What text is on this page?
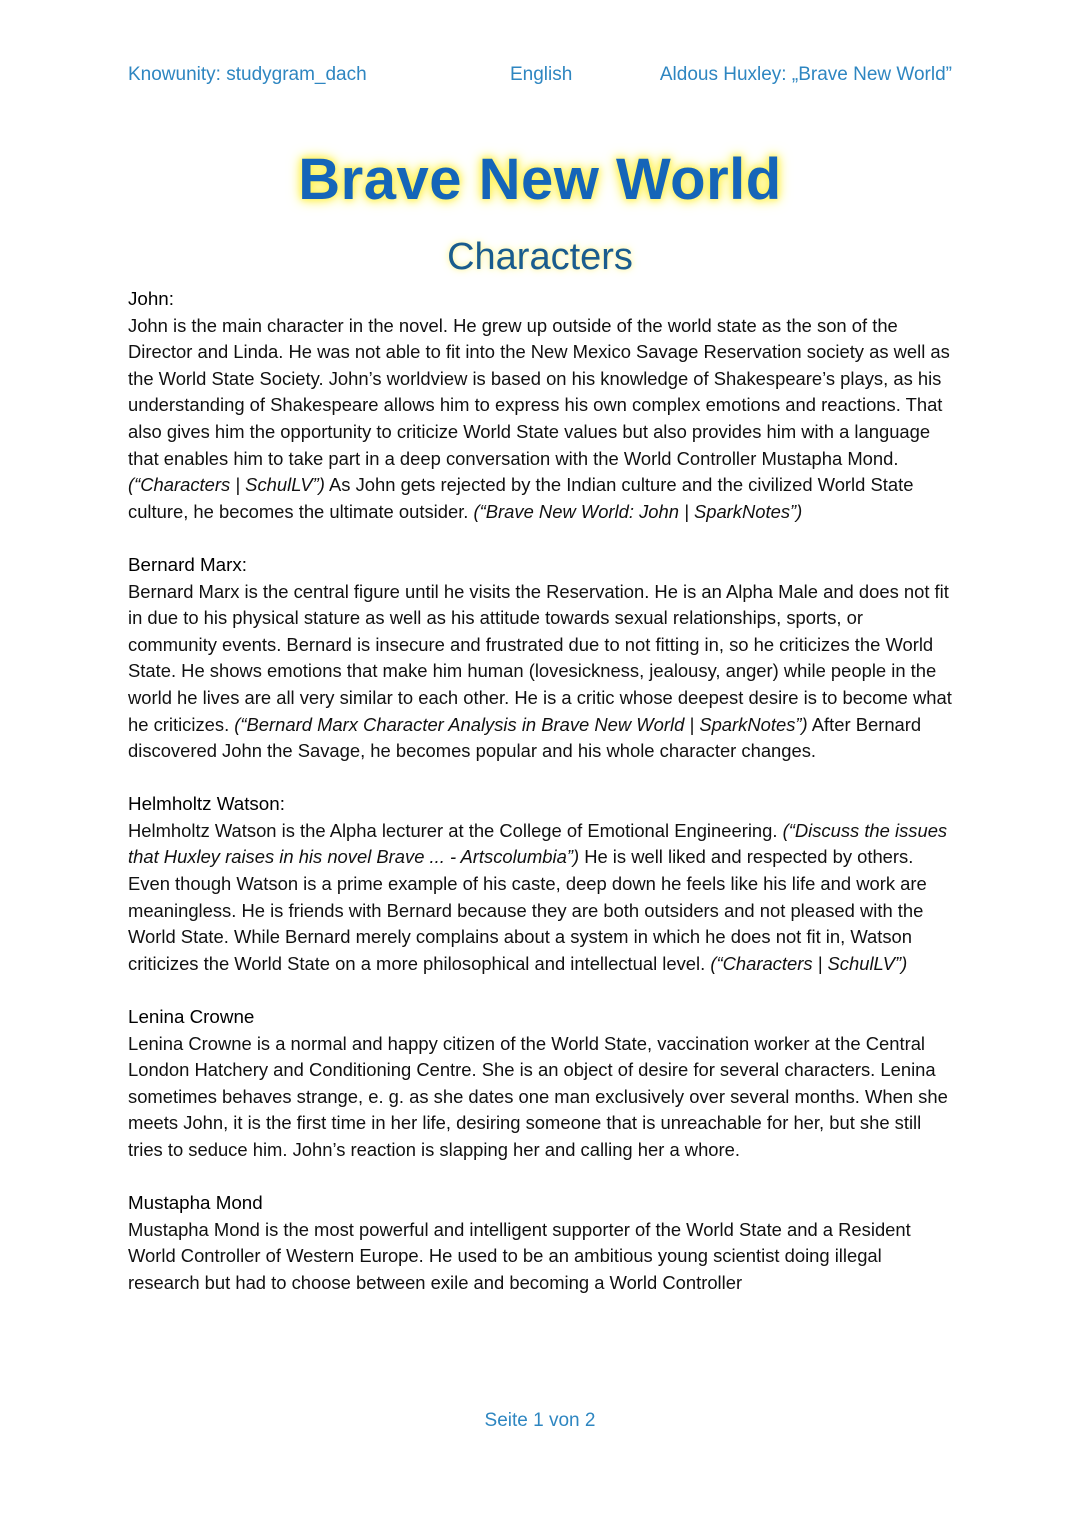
Knowunity: studygram_dach	English	Aldous Huxley: „Brave New World”
Brave New World
Characters
John:

John is the main character in the novel. He grew up outside of the world state as the son of the Director and Linda. He was not able to fit into the New Mexico Savage Reservation society as well as the World State Society. John’s worldview is based on his knowledge of Shakespeare’s plays, as his understanding of Shakespeare allows him to express his own complex emotions and reactions. That also gives him the opportunity to criticize World State values but also provides him with a language that enables him to take part in a deep conversation with the World Controller Mustapha Mond. (“Characters | SchulLV”) As John gets rejected by the Indian culture and the civilized World State culture, he becomes the ultimate outsider. (“Brave New World: John | SparkNotes”)

Bernard Marx:

Bernard Marx is the central figure until he visits the Reservation. He is an Alpha Male and does not fit in due to his physical stature as well as his attitude towards sexual relationships, sports, or community events. Bernard is insecure and frustrated due to not fitting in, so he criticizes the World State. He shows emotions that make him human (lovesickness, jealousy, anger) while people in the world he lives are all very similar to each other. He is a critic whose deepest desire is to become what he criticizes. (“Bernard Marx Character Analysis in Brave New World | SparkNotes”) After Bernard discovered John the Savage, he becomes popular and his whole character changes.

Helmholtz Watson:

Helmholtz Watson is the Alpha lecturer at the College of Emotional Engineering. (“Discuss the issues that Huxley raises in his novel Brave ... - Artscolumbia”) He is well liked and respected by others. Even though Watson is a prime example of his caste, deep down he feels like his life and work are meaningless. He is friends with Bernard because they are both outsiders and not pleased with the World State. While Bernard merely complains about a system in which he does not fit in, Watson criticizes the World State on a more philosophical and intellectual level. (“Characters | SchulLV”)

Lenina Crowne

Lenina Crowne is a normal and happy citizen of the World State, vaccination worker at the Central London Hatchery and Conditioning Centre. She is an object of desire for several characters. Lenina sometimes behaves strange, e. g. as she dates one man exclusively over several months. When she meets John, it is the first time in her life, desiring someone that is unreachable for her, but she still tries to seduce him. John’s reaction is slapping her and calling her a whore.

Mustapha Mond

Mustapha Mond is the most powerful and intelligent supporter of the World State and a Resident World Controller of Western Europe. He used to be an ambitious young scientist doing illegal research but had to choose between exile and becoming a World Controller

Seite 1 von 2
